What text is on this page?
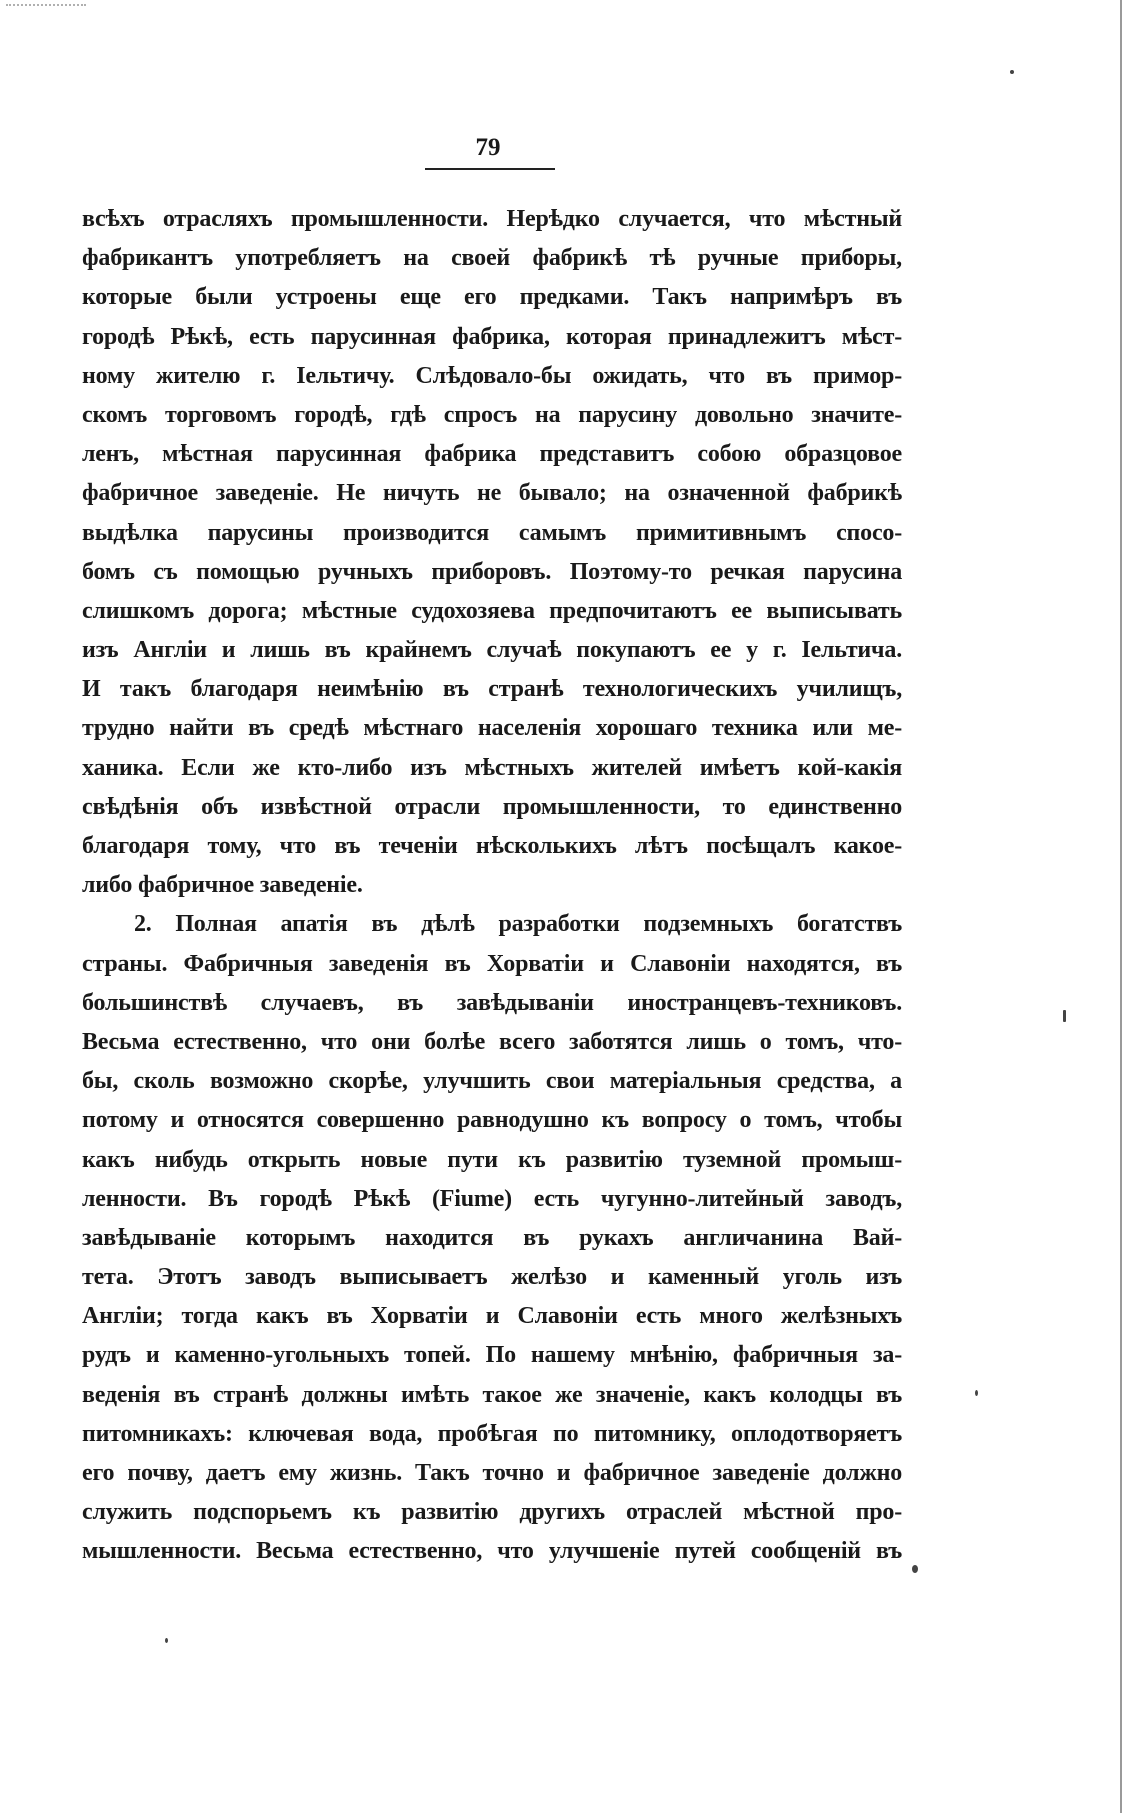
79
всѣхъ отрасляхъ промышленности. Нерѣдко случается, что мѣстный
фабрикантъ употребляетъ на своей фабрикѣ тѣ ручные приборы,
которые были устроены еще его предками. Такъ напримѣръ въ
городѣ Рѣкѣ, есть парусинная фабрика, которая принадлежитъ мѣст-
ному жителю г. Іельтичу. Слѣдовало-бы ожидать, что въ примор-
скомъ торговомъ городѣ, гдѣ спросъ на парусину довольно значите-
ленъ, мѣстная парусинная фабрика представитъ собою образцовое
фабричное заведеніе. Не ничуть не бывало; на означенной фабрикѣ
выдѣлка парусины производится самымъ примитивнымъ спосо-
бомъ съ помощью ручныхъ приборовъ. Поэтому-то речкая парусина
слишкомъ дорога; мѣстные судохозяева предпочитаютъ ее выписывать
изъ Англіи и лишь въ крайнемъ случаѣ покупаютъ ее у г. Іельтича.
И такъ благодаря неимѣнію въ странѣ технологическихъ училищъ,
трудно найти въ средѣ мѣстнаго населенія хорошаго техника или ме-
ханика. Если же кто-либо изъ мѣстныхъ жителей имѣетъ кой-какія
свѣдѣнія объ извѣстной отрасли промышленности, то единственно
благодаря тому, что въ теченіи нѣсколькихъ лѣтъ посѣщалъ какое-
либо фабричное заведеніе.
2. Полная апатія въ дѣлѣ разработки подземныхъ богатствъ
страны. Фабричныя заведенія въ Хорватіи и Славоніи находятся, въ
большинствѣ случаевъ, въ завѣдываніи иностранцевъ-техниковъ.
Весьма естественно, что они болѣе всего заботятся лишь о томъ, что-
бы, сколь возможно скорѣе, улучшить свои матеріальныя средства, а
потому и относятся совершенно равнодушно къ вопросу о томъ, чтобы
какъ нибудь открыть новые пути къ развитію туземной промыш-
ленности. Въ городѣ Рѣкѣ (Fiume) есть чугунно-литейный заводъ,
завѣдываніе которымъ находится въ рукахъ англичанина Вай-
тета. Этотъ заводъ выписываетъ желѣзо и каменный уголь изъ
Англіи; тогда какъ въ Хорватіи и Славоніи есть много желѣзныхъ
рудъ и каменно-угольныхъ топей. По нашему мнѣнію, фабричныя за-
веденія въ странѣ должны имѣть такое же значеніе, какъ колодцы въ
питомникахъ: ключевая вода, пробѣгая по питомнику, оплодотворяетъ
его почву, даетъ ему жизнь. Такъ точно и фабричное заведеніе должно
служить подспорьемъ къ развитію другихъ отраслей мѣстной про-
мышленности. Весьма естественно, что улучшеніе путей сообщеній въ
